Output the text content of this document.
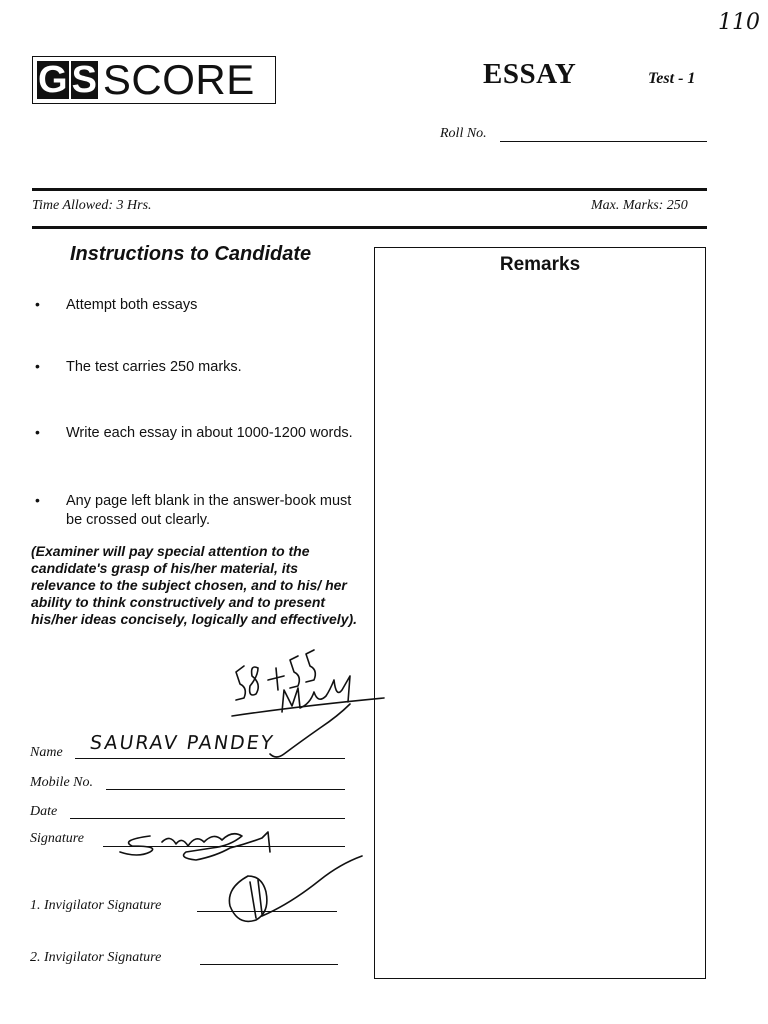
G S SCORE
110
ESSAY	Test - 1
Roll No.
Time Allowed: 3 Hrs.	Max. Marks: 250
Instructions to Candidate
• Attempt both essays
• The test carries 250 marks.
• Write each essay in about 1000-1200 words.
• Any page left blank in the answer-book must be crossed out clearly.
(Examiner will pay special attention to the candidate's grasp of his/her material, its relevance to the subject chosen, and to his/ her ability to think constructively and to present his/her ideas concisely, logically and effectively).
Remarks
Name SAURAV PANDEY
Mobile No.
Date
Signature
1. Invigilator Signature
2. Invigilator Signature
